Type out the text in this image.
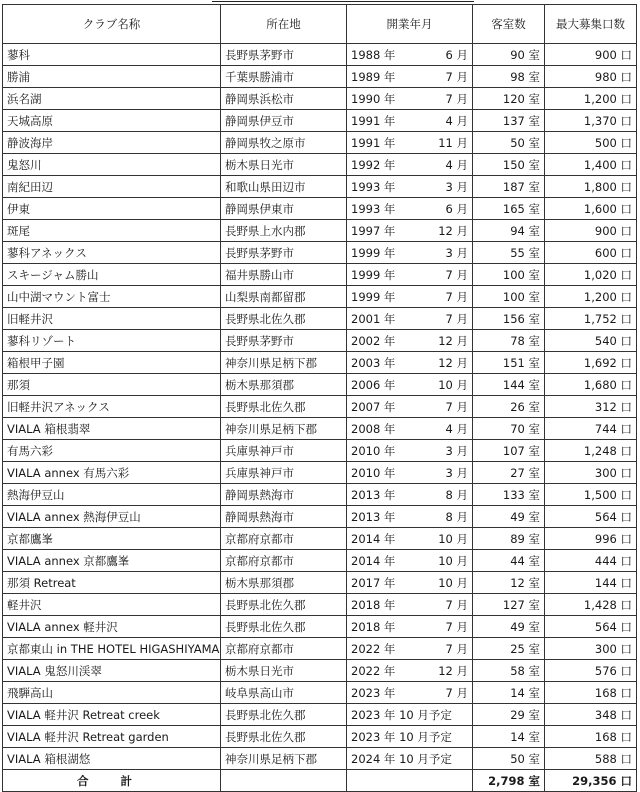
クラブ名称	所在地	開業年月	客室数	最大募集口数
蓼科	長野県茅野市	1988 年 6 月	90 室	900 口
勝浦	千葉県勝浦市	1989 年 7 月	98 室	980 口
浜名湖	静岡県浜松市	1990 年 7 月	120 室	1,200 口
天城高原	静岡県伊豆市	1991 年 4 月	137 室	1,370 口
静波海岸	静岡県牧之原市	1991 年 11 月	50 室	500 口
鬼怒川	栃木県日光市	1992 年 4 月	150 室	1,400 口
南紀田辺	和歌山県田辺市	1993 年 3 月	187 室	1,800 口
伊東	静岡県伊東市	1993 年 6 月	165 室	1,600 口
斑尾	長野県上水内郡	1997 年 12 月	94 室	900 口
蓼科アネックス	長野県茅野市	1999 年 3 月	55 室	600 口
スキージャム勝山	福井県勝山市	1999 年 7 月	100 室	1,020 口
山中湖マウント富士	山梨県南都留郡	1999 年 7 月	100 室	1,200 口
旧軽井沢	長野県北佐久郡	2001 年 7 月	156 室	1,752 口
蓼科リゾート	長野県茅野市	2002 年 12 月	78 室	540 口
箱根甲子園	神奈川県足柄下郡	2003 年 12 月	151 室	1,692 口
那須	栃木県那須郡	2006 年 10 月	144 室	1,680 口
旧軽井沢アネックス	長野県北佐久郡	2007 年 7 月	26 室	312 口
VIALA 箱根翡翠	神奈川県足柄下郡	2008 年 4 月	70 室	744 口
有馬六彩	兵庫県神戸市	2010 年 3 月	107 室	1,248 口
VIALA annex 有馬六彩	兵庫県神戸市	2010 年 3 月	27 室	300 口
熱海伊豆山	静岡県熱海市	2013 年 8 月	133 室	1,500 口
VIALA annex 熱海伊豆山	静岡県熱海市	2013 年 8 月	49 室	564 口
京都鷹峯	京都府京都市	2014 年 10 月	89 室	996 口
VIALA annex 京都鷹峯	京都府京都市	2014 年 10 月	44 室	444 口
那須 Retreat	栃木県那須郡	2017 年 10 月	12 室	144 口
軽井沢	長野県北佐久郡	2018 年 7 月	127 室	1,428 口
VIALA annex 軽井沢	長野県北佐久郡	2018 年 7 月	49 室	564 口
京都東山 in THE HOTEL HIGASHIYAMA	京都府京都市	2022 年 7 月	25 室	300 口
VIALA 鬼怒川渓翠	栃木県日光市	2022 年 12 月	58 室	576 口
飛騨高山	岐阜県高山市	2023 年 7 月	14 室	168 口
VIALA 軽井沢 Retreat creek	長野県北佐久郡	2023 年 10 月予定	29 室	348 口
VIALA 軽井沢 Retreat garden	長野県北佐久郡	2023 年 10 月予定	14 室	168 口
VIALA 箱根湖悠	神奈川県足柄下郡	2024 年 10 月予定	50 室	588 口
合 計			2,798 室	29,356 口
